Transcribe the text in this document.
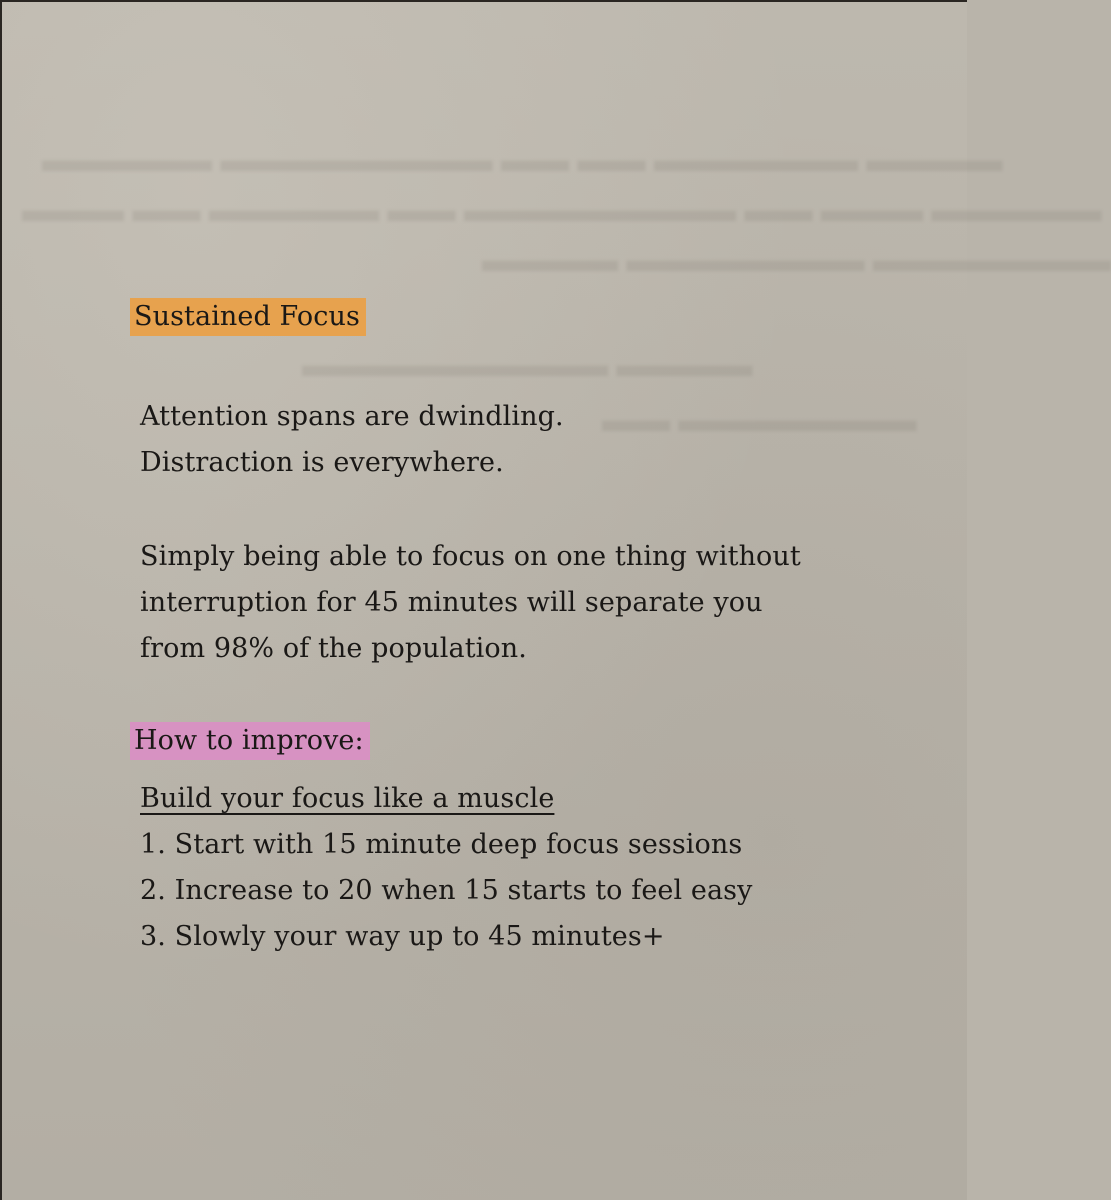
▬▬▬▬ ▬▬▬▬▬▬ ▬▬ ▬▬ ▬▬▬▬▬▬▬▬ ▬▬▬▬▬
▬▬▬▬▬ ▬▬▬ ▬▬ ▬▬▬▬▬▬▬▬ ▬▬ ▬▬▬▬▬ ▬▬ ▬▬▬
▬▬▬▬▬▬▬ ▬▬▬▬▬▬▬ ▬▬▬▬
▬▬▬▬ ▬▬▬▬▬▬▬▬▬
▬▬▬▬▬▬▬ ▬▬

Sustained Focus

Attention spans are dwindling.

Distraction is everywhere.

Simply being able to focus on one thing without

interruption for 45 minutes will separate you

from 98% of the population.

How to improve:

Build your focus like a muscle

1. Start with 15 minute deep focus sessions
2. Increase to 20 when 15 starts to feel easy
3. Slowly your way up to 45 minutes+
